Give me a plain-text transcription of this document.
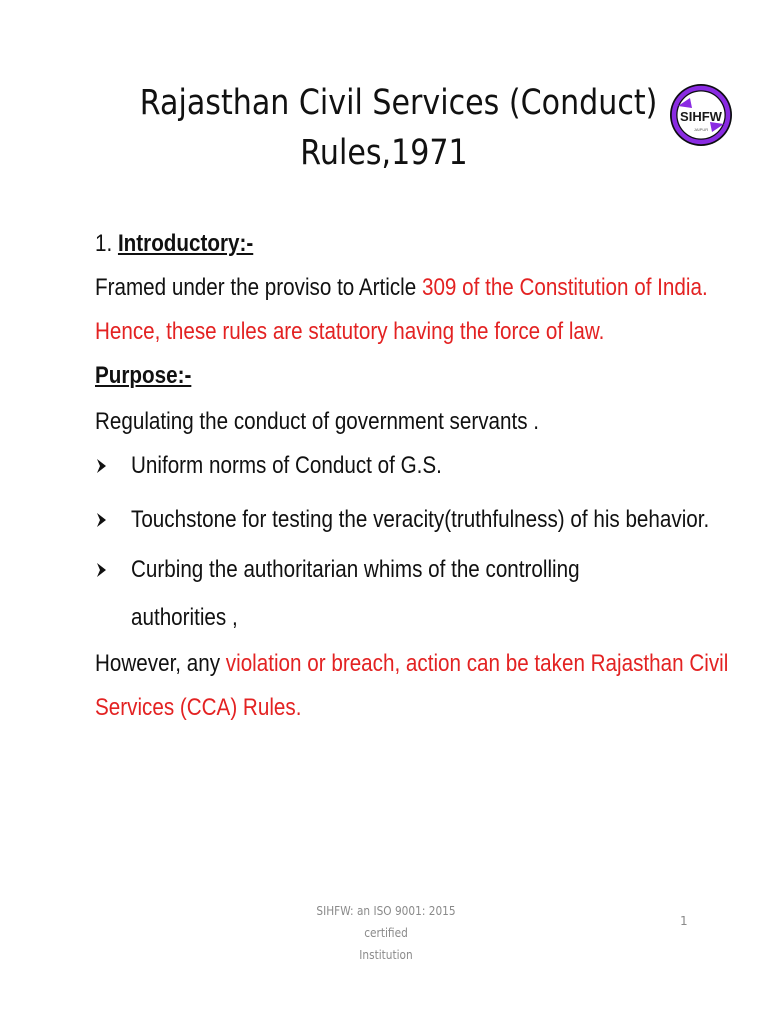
Rajasthan Civil Services (Conduct)
Rules,1971
SIHFW
JAIPUR
1. Introductory:-
Framed under the proviso to Article 309 of the Constitution of India.
Hence, these rules are statutory having the force of law.
Purpose:-
Regulating the conduct of government servants .
Uniform norms of Conduct of G.S.
Touchstone for testing the veracity(truthfulness) of his behavior.
Curbing the authoritarian whims of the controlling
authorities ,
However, any violation or breach, action can be taken Rajasthan Civil
Services (CCA) Rules.
SIHFW: an ISO 9001: 2015 certified
Institution
1
